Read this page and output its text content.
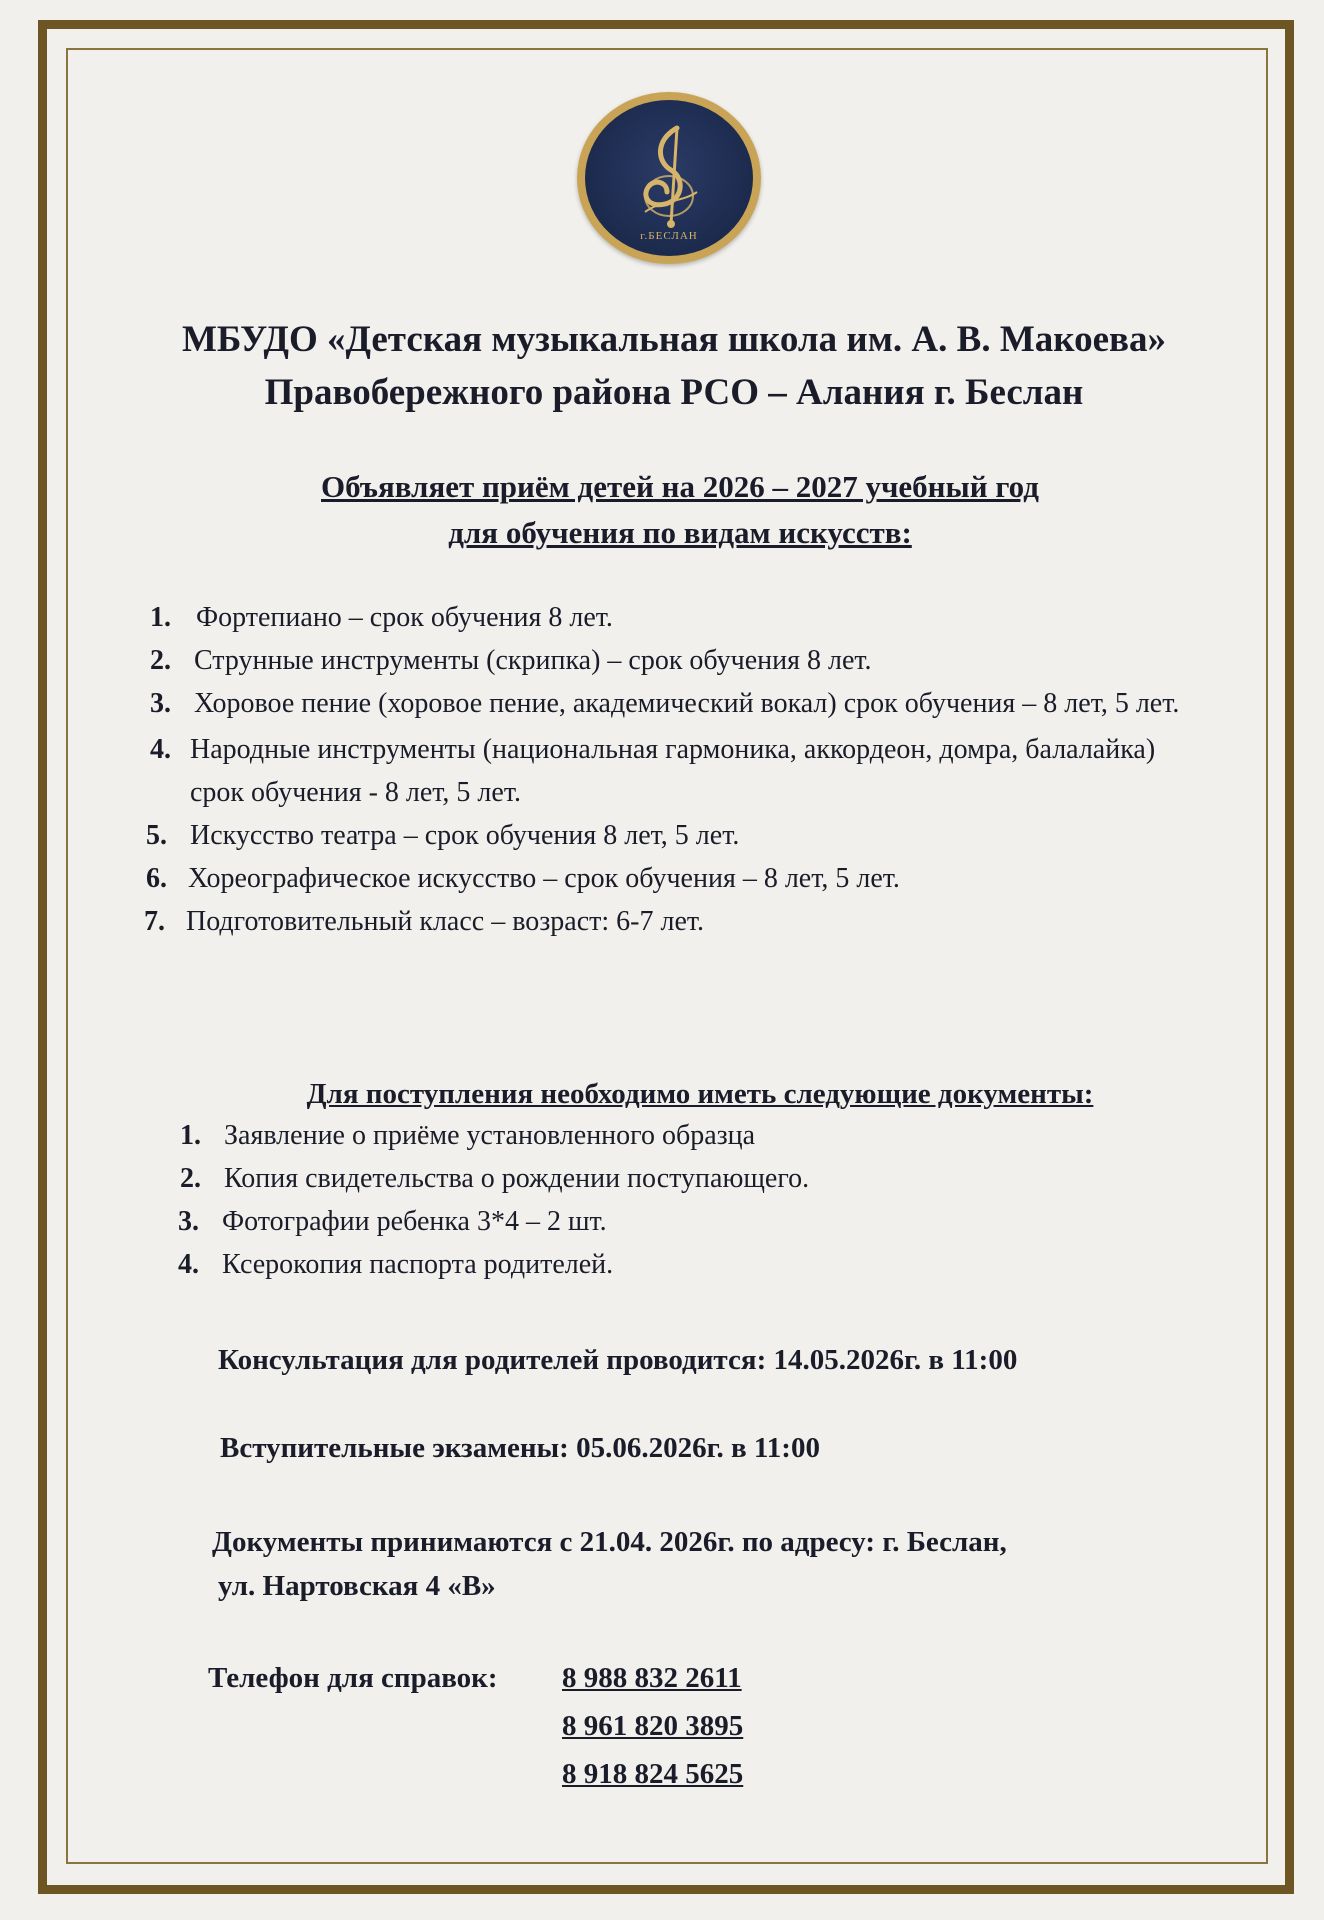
г.БЕСЛАН
МБУДО «Детская музыкальная школа им. А. В. Макоева»
Правобережного района РСО – Алания г. Беслан
Объявляет приём детей на 2026 – 2027 учебный год
для обучения по видам искусств:
1. Фортепиано – срок обучения 8 лет.
2. Струнные инструменты (скрипка) – срок обучения 8 лет.
3. Хоровое пение (хоровое пение, академический вокал) срок обучения – 8 лет, 5 лет.
4. Народные инструменты (национальная гармоника, аккордеон, домра, балалайка) срок обучения - 8 лет, 5 лет.
5. Искусство театра – срок обучения 8 лет, 5 лет.
6. Хореографическое искусство – срок обучения – 8 лет, 5 лет.
7. Подготовительный класс – возраст: 6-7 лет.
Для поступления необходимо иметь следующие документы:
1. Заявление о приёме установленного образца
2. Копия свидетельства о рождении поступающего.
3. Фотографии ребенка 3*4 – 2 шт.
4. Ксерокопия паспорта родителей.
Консультация для родителей проводится: 14.05.2026г. в 11:00
Вступительные экзамены: 05.06.2026г. в 11:00
Документы принимаются с 21.04. 2026г. по адресу: г. Беслан,
ул. Нартовская 4 «В»
Телефон для справок: 8 988 832 2611
8 961 820 3895
8 918 824 5625
